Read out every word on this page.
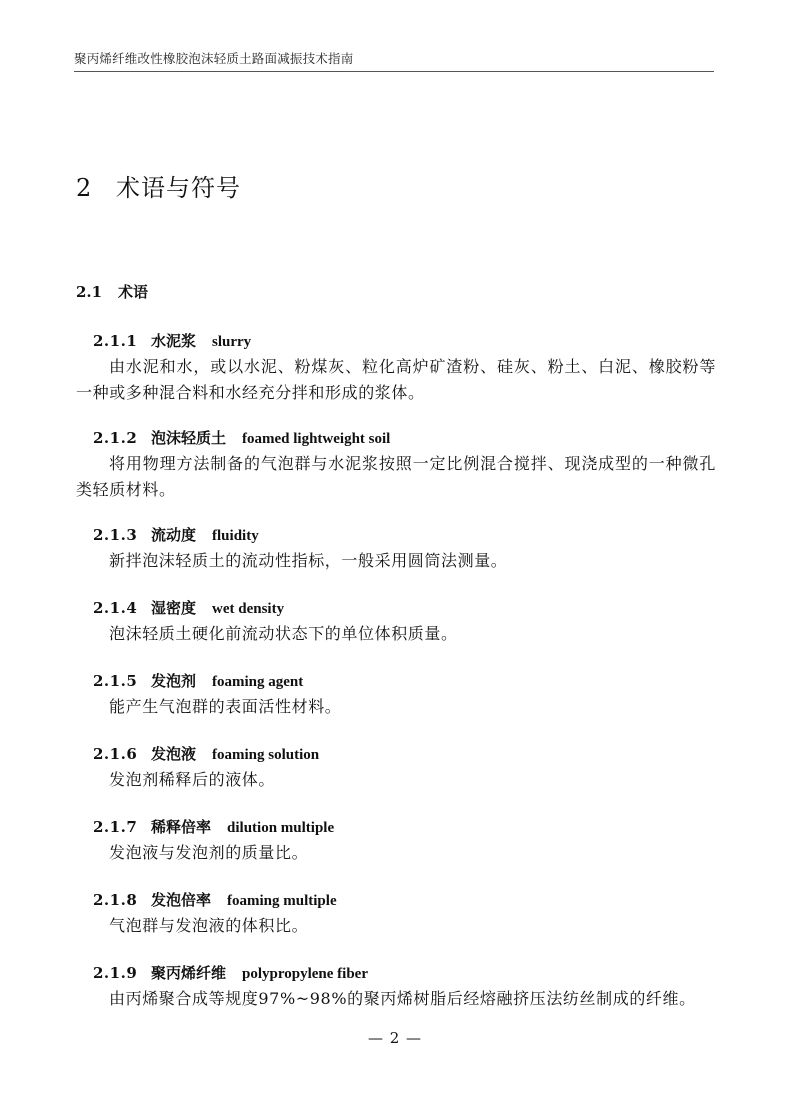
聚丙烯纤维改性橡胶泡沫轻质土路面减振技术指南
2 术语与符号
2.1 术语
2.1.1 水泥浆 slurry

由水泥和水，或以水泥、粉煤灰、粒化高炉矿渣粉、硅灰、粉土、白泥、橡胶粉等一种或多种混合料和水经充分拌和形成的浆体。

2.1.2 泡沫轻质土 foamed lightweight soil

将用物理方法制备的气泡群与水泥浆按照一定比例混合搅拌、现浇成型的一种微孔类轻质材料。

2.1.3 流动度 fluidity

新拌泡沫轻质土的流动性指标，一般采用圆筒法测量。

2.1.4 湿密度 wet density

泡沫轻质土硬化前流动状态下的单位体积质量。

2.1.5 发泡剂 foaming agent

能产生气泡群的表面活性材料。

2.1.6 发泡液 foaming solution

发泡剂稀释后的液体。

2.1.7 稀释倍率 dilution multiple

发泡液与发泡剂的质量比。

2.1.8 发泡倍率 foaming multiple

气泡群与发泡液的体积比。

2.1.9 聚丙烯纤维 polypropylene fiber

由丙烯聚合成等规度97%~98%的聚丙烯树脂后经熔融挤压法纺丝制成的纤维。

— 2 —
